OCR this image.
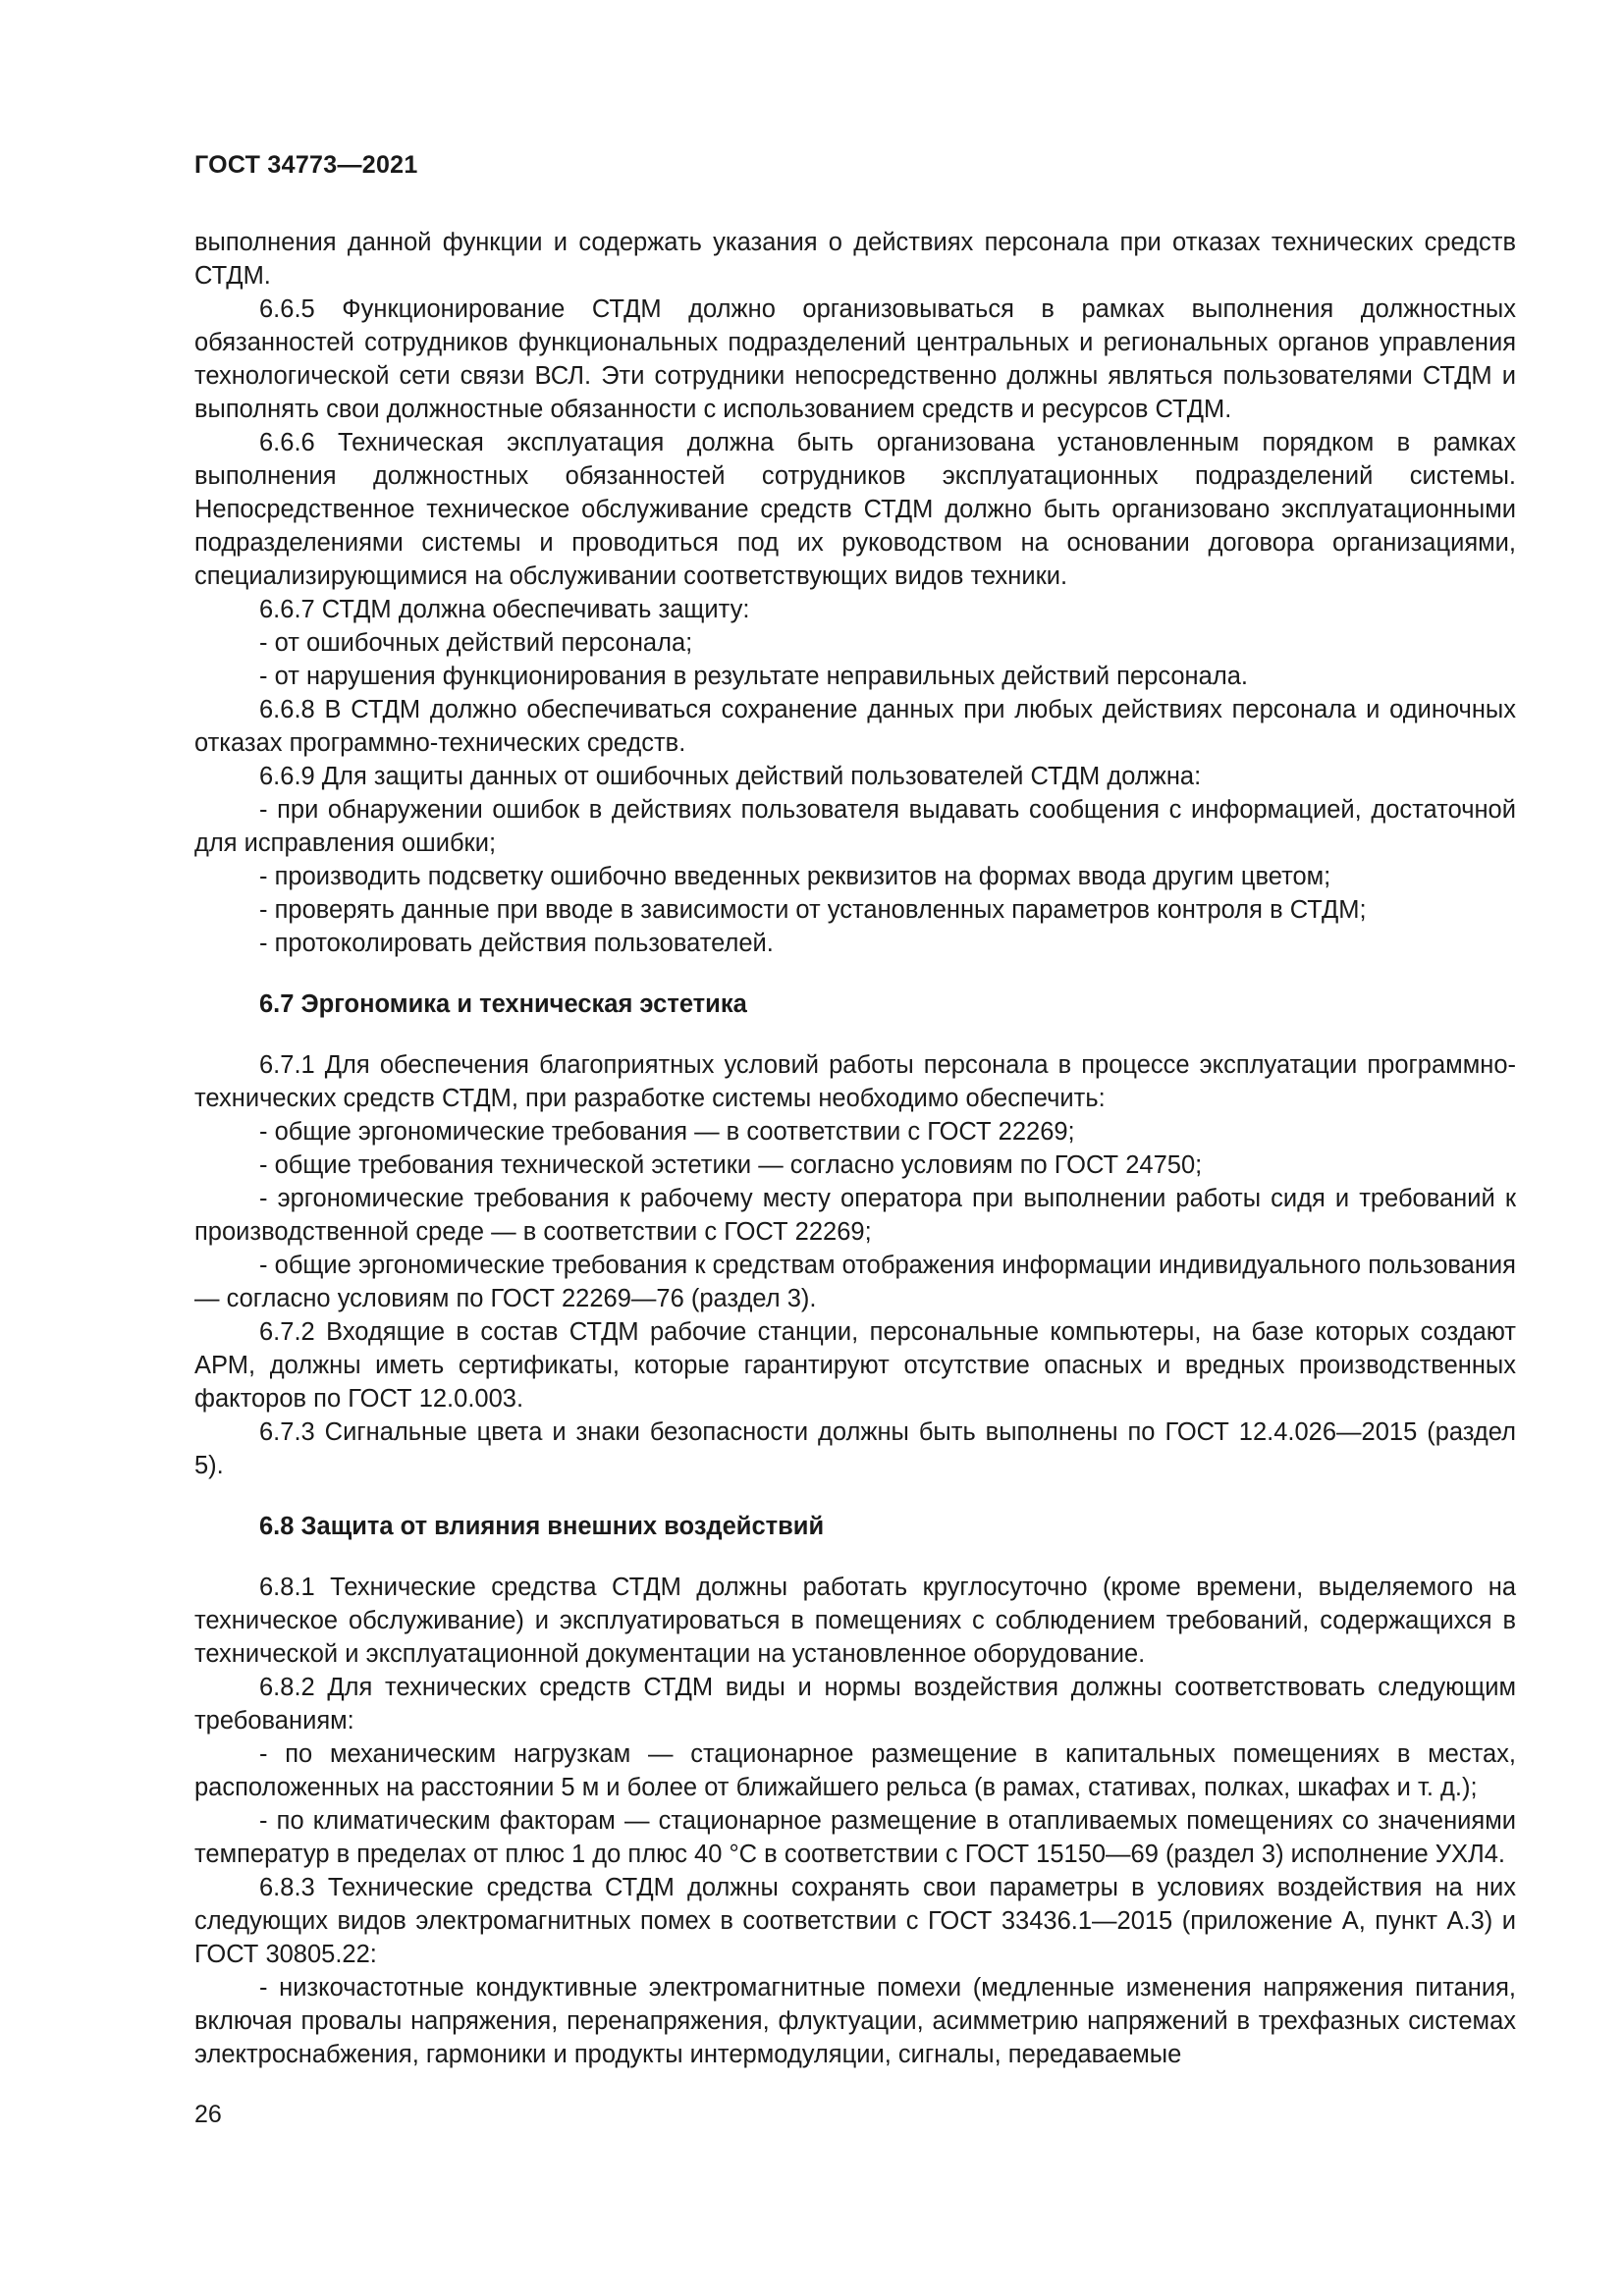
ГОСТ 34773—2021

выполнения данной функции и содержать указания о действиях персонала при отказах технических средств СТДМ.

6.6.5 Функционирование СТДМ должно организовываться в рамках выполнения должностных обязанностей сотрудников функциональных подразделений центральных и региональных органов управления технологической сети связи ВСЛ. Эти сотрудники непосредственно должны являться пользователями СТДМ и выполнять свои должностные обязанности с использованием средств и ресурсов СТДМ.

6.6.6 Техническая эксплуатация должна быть организована установленным порядком в рамках выполнения должностных обязанностей сотрудников эксплуатационных подразделений системы. Непосредственное техническое обслуживание средств СТДМ должно быть организовано эксплуатационными подразделениями системы и проводиться под их руководством на основании договора организациями, специализирующимися на обслуживании соответствующих видов техники.

6.6.7 СТДМ должна обеспечивать защиту:

- от ошибочных действий персонала;

- от нарушения функционирования в результате неправильных действий персонала.

6.6.8 В СТДМ должно обеспечиваться сохранение данных при любых действиях персонала и одиночных отказах программно-технических средств.

6.6.9 Для защиты данных от ошибочных действий пользователей СТДМ должна:

- при обнаружении ошибок в действиях пользователя выдавать сообщения с информацией, достаточной для исправления ошибки;

- производить подсветку ошибочно введенных реквизитов на формах ввода другим цветом;

- проверять данные при вводе в зависимости от установленных параметров контроля в СТДМ;

- протоколировать действия пользователей.

6.7 Эргономика и техническая эстетика

6.7.1 Для обеспечения благоприятных условий работы персонала в процессе эксплуатации программно-технических средств СТДМ, при разработке системы необходимо обеспечить:

- общие эргономические требования — в соответствии с ГОСТ 22269;

- общие требования технической эстетики — согласно условиям по ГОСТ 24750;

- эргономические требования к рабочему месту оператора при выполнении работы сидя и требований к производственной среде — в соответствии с ГОСТ 22269;

- общие эргономические требования к средствам отображения информации индивидуального пользования — согласно условиям по ГОСТ 22269—76 (раздел 3).

6.7.2 Входящие в состав СТДМ рабочие станции, персональные компьютеры, на базе которых создают АРМ, должны иметь сертификаты, которые гарантируют отсутствие опасных и вредных производственных факторов по ГОСТ 12.0.003.

6.7.3 Сигнальные цвета и знаки безопасности должны быть выполнены по ГОСТ 12.4.026—2015 (раздел 5).

6.8 Защита от влияния внешних воздействий

6.8.1 Технические средства СТДМ должны работать круглосуточно (кроме времени, выделяемого на техническое обслуживание) и эксплуатироваться в помещениях с соблюдением требований, содержащихся в технической и эксплуатационной документации на установленное оборудование.

6.8.2 Для технических средств СТДМ виды и нормы воздействия должны соответствовать следующим требованиям:

- по механическим нагрузкам — стационарное размещение в капитальных помещениях в местах, расположенных на расстоянии 5 м и более от ближайшего рельса (в рамах, стативах, полках, шкафах и т. д.);

- по климатическим факторам — стационарное размещение в отапливаемых помещениях со значениями температур в пределах от плюс 1 до плюс 40 °С в соответствии с ГОСТ 15150—69 (раздел 3) исполнение УХЛ4.

6.8.3 Технические средства СТДМ должны сохранять свои параметры в условиях воздействия на них следующих видов электромагнитных помех в соответствии с ГОСТ 33436.1—2015 (приложение А, пункт А.3) и ГОСТ 30805.22:

- низкочастотные кондуктивные электромагнитные помехи (медленные изменения напряжения питания, включая провалы напряжения, перенапряжения, флуктуации, асимметрию напряжений в трехфазных системах электроснабжения, гармоники и продукты интермодуляции, сигналы, передаваемые

26
